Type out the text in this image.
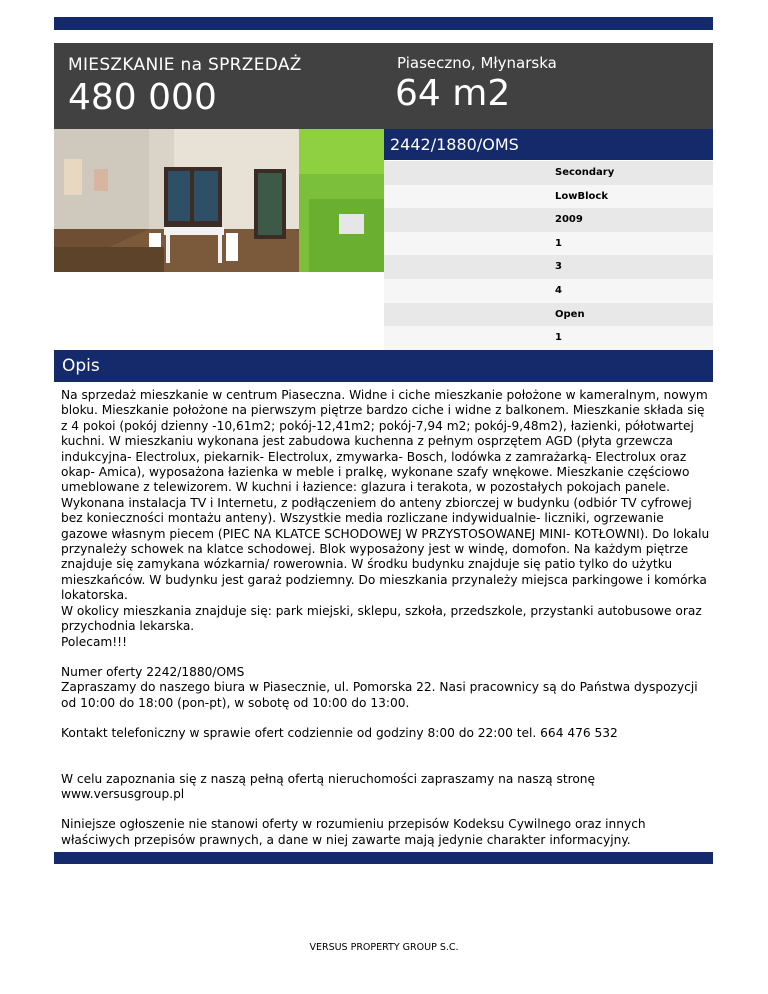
MIESZKANIE na SPRZEDAŻ
480 000
Piaseczno, Młynarska
64 m2
2442/1880/OMS
Secondary
LowBlock
2009
1
3
4
Open
1
Opis

Na sprzedaż mieszkanie w centrum Piaseczna. Widne i ciche mieszkanie położone w kameralnym, nowym bloku. Mieszkanie położone na pierwszym piętrze bardzo ciche i widne z balkonem. Mieszkanie składa się z 4 pokoi (pokój dzienny -10,61m2; pokój-12,41m2; pokój-7,94 m2; pokój-9,48m2), łazienki, półotwartej kuchni. W mieszkaniu wykonana jest zabudowa kuchenna z pełnym osprzętem AGD (płyta grzewcza indukcyjna- Electrolux, piekarnik- Electrolux, zmywarka- Bosch, lodówka z zamrażarką- Electrolux oraz okap- Amica), wyposażona łazienka w meble i pralkę, wykonane szafy wnękowe. Mieszkanie częściowo umeblowane z telewizorem. W kuchni i łazience: glazura i terakota, w pozostałych pokojach panele. Wykonana instalacja TV i Internetu, z podłączeniem do anteny zbiorczej w budynku (odbiór TV cyfrowej bez konieczności montażu anteny). Wszystkie media rozliczane indywidualnie- liczniki, ogrzewanie gazowe własnym piecem (PIEC NA KLATCE SCHODOWEJ W PRZYSTOSOWANEJ MINI- KOTŁOWNI). Do lokalu przynależy schowek na klatce schodowej. Blok wyposażony jest w windę, domofon. Na każdym piętrze znajduje się zamykana wózkarnia/ rowerownia. W środku budynku znajduje się patio tylko do użytku mieszkańców. W budynku jest garaż podziemny. Do mieszkania przynależy miejsca parkingowe i komórka lokatorska.

W okolicy mieszkania znajduje się: park miejski, sklepu, szkoła, przedszkole, przystanki autobusowe oraz przychodnia lekarska.

Polecam!!!

Numer oferty 2242/1880/OMS

Zapraszamy do naszego biura w Piasecznie, ul. Pomorska 22. Nasi pracownicy są do Państwa dyspozycji od 10:00 do 18:00 (pon-pt), w sobotę od 10:00 do 13:00.

Kontakt telefoniczny w sprawie ofert codziennie od godziny 8:00 do 22:00 tel. 664 476 532

W celu zapoznania się z naszą pełną ofertą nieruchomości zapraszamy na naszą stronę www.versusgroup.pl

Niniejsze ogłoszenie nie stanowi oferty w rozumieniu przepisów Kodeksu Cywilnego oraz innych właściwych przepisów prawnych, a dane w niej zawarte mają jedynie charakter informacyjny.

VERSUS PROPERTY GROUP S.C.
